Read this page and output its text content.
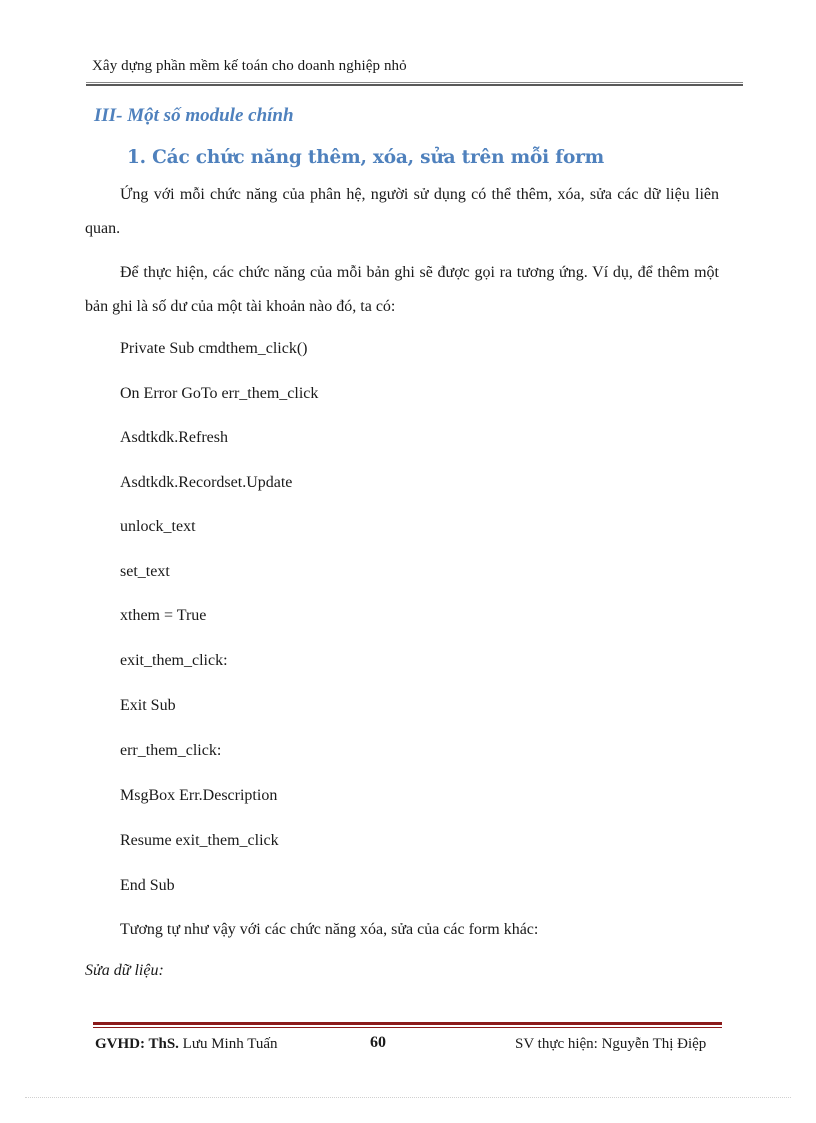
Xây dựng phần mềm kế toán cho doanh nghiệp nhỏ
III- Một số module chính
1. Các chức năng thêm, xóa, sửa trên mỗi form
Ứng với mỗi chức năng của phân hệ, người sử dụng có thể thêm, xóa, sửa các dữ liệu liên quan.
Để thực hiện, các chức năng của mỗi bản ghi sẽ được gọi ra tương ứng. Ví dụ, để thêm một bản ghi là số dư của một tài khoản nào đó, ta có:
Private Sub cmdthem_click()
On Error GoTo err_them_click
Asdtkdk.Refresh
Asdtkdk.Recordset.Update
unlock_text
set_text
xthem = True
exit_them_click:
Exit Sub
err_them_click:
MsgBox Err.Description
Resume exit_them_click
End Sub
Tương tự như vậy với các chức năng xóa, sửa của các form khác:
Sửa dữ liệu:
GVHD: ThS. Lưu Minh Tuấn	60	SV thực hiện: Nguyễn Thị Điệp
